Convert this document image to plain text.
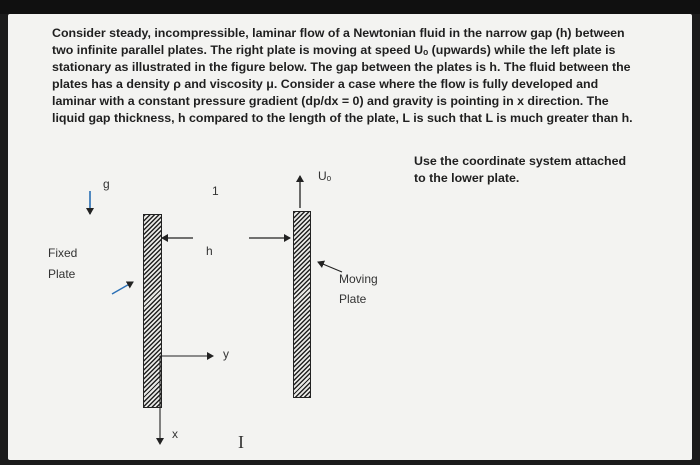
Consider steady, incompressible, laminar flow of a Newtonian fluid in the narrow gap (h) between
two infinite parallel plates. The right plate is moving at speed Uₒ (upwards) while the left plate is
stationary as illustrated in the figure below. The gap between the plates is h. The fluid between the
plates has a density ρ and viscosity μ. Consider a case where the flow is fully developed and
laminar with a constant pressure gradient (dp/dx = 0) and gravity is pointing in x direction. The
liquid gap thickness, h compared to the length of the plate, L is such that L is much greater than h.
Use the coordinate system attached
to the lower plate.
g	1
h
Uₒ
y
x	I
Fixed
Plate	Moving
Plate
